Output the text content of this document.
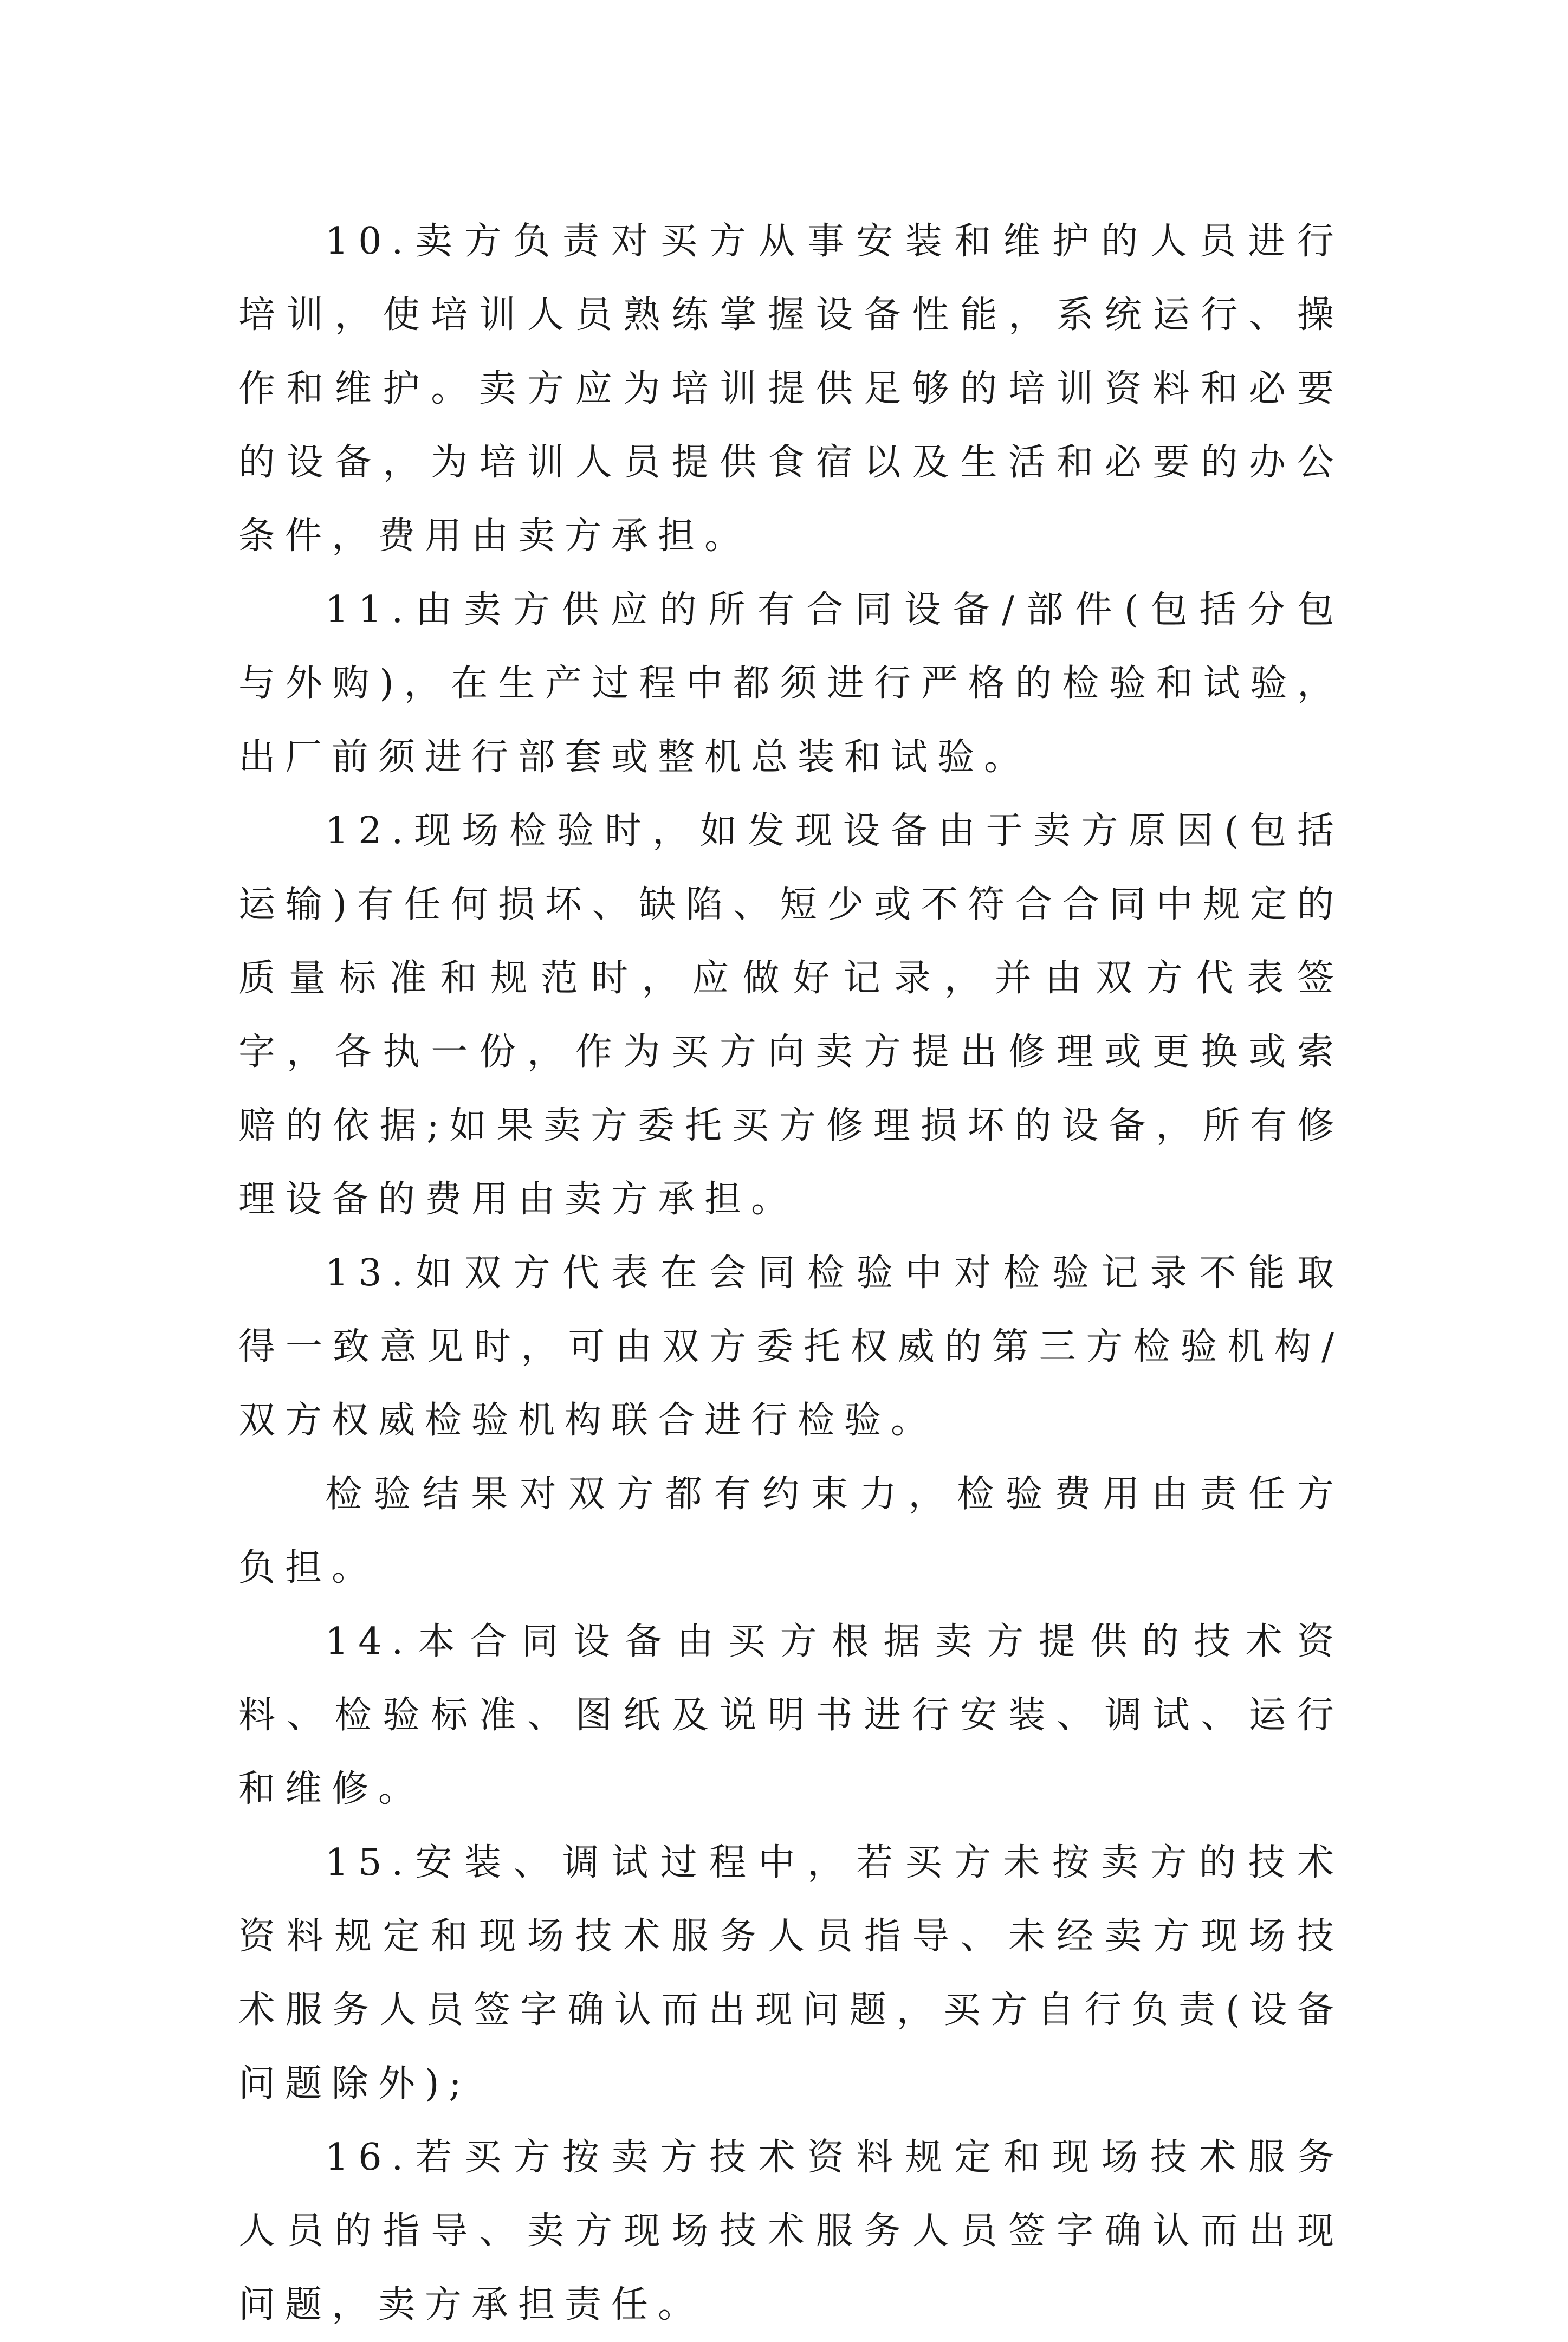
10.卖方负责对买方从事安装和维护的人员进行培训，使培训人员熟练掌握设备性能，系统运行、操作和维护。卖方应为培训提供足够的培训资料和必要的设备，为培训人员提供食宿以及生活和必要的办公条件，费用由卖方承担。

11.由卖方供应的所有合同设备/部件(包括分包与外购)，在生产过程中都须进行严格的检验和试验，出厂前须进行部套或整机总装和试验。

12.现场检验时，如发现设备由于卖方原因(包括运输)有任何损坏、缺陷、短少或不符合合同中规定的质量标准和规范时，应做好记录，并由双方代表签字，各执一份，作为买方向卖方提出修理或更换或索赔的依据;如果卖方委托买方修理损坏的设备，所有修理设备的费用由卖方承担。

13.如双方代表在会同检验中对检验记录不能取得一致意见时，可由双方委托权威的第三方检验机构/双方权威检验机构联合进行检验。

检验结果对双方都有约束力，检验费用由责任方负担。

14.本合同设备由买方根据卖方提供的技术资料、检验标准、图纸及说明书进行安装、调试、运行和维修。

15.安装、调试过程中，若买方未按卖方的技术资料规定和现场技术服务人员指导、未经卖方现场技术服务人员签字确认而出现问题，买方自行负责(设备问题除外);

16.若买方按卖方技术资料规定和现场技术服务人员的指导、卖方现场技术服务人员签字确认而出现问题，卖方承担责任。
